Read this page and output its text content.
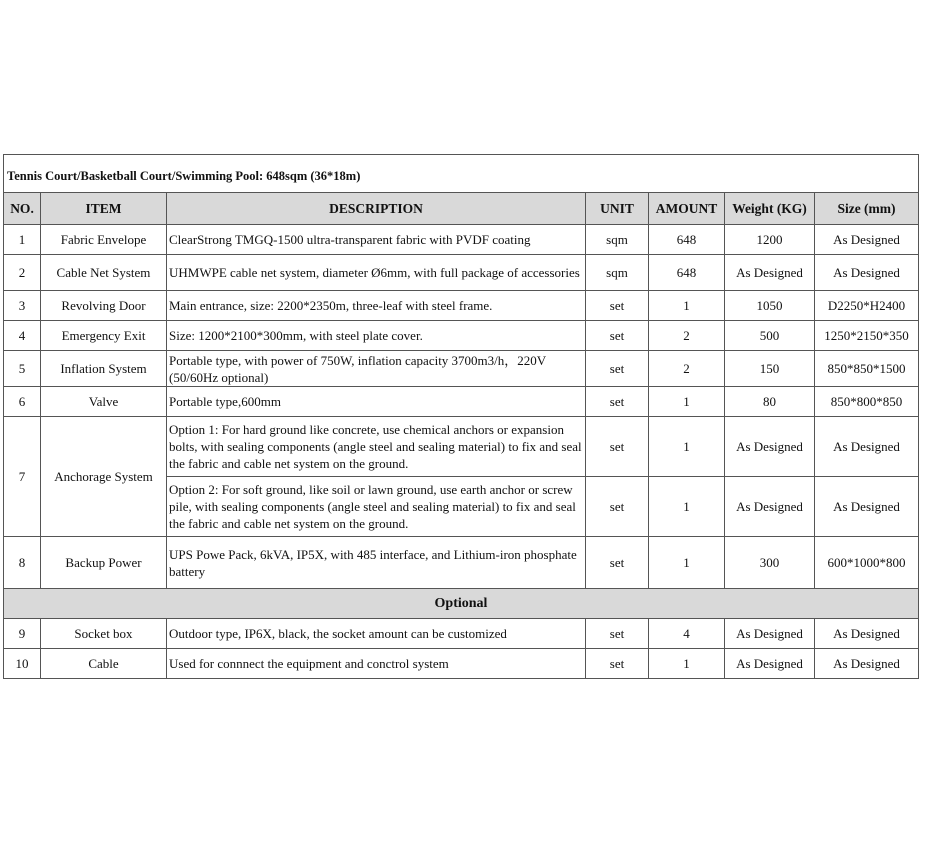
Tennis Court/Basketball Court/Swimming Pool: 648sqm (36*18m)						
NO.	ITEM	DESCRIPTION	UNIT	AMOUNT	Weight (KG)	Size (mm)
1	Fabric Envelope	ClearStrong TMGQ-1500 ultra-transparent fabric with PVDF coating	sqm	648	1200	As Designed
2	Cable Net System	UHMWPE cable net system, diameter Ø6mm, with full package of accessories	sqm	648	As Designed	As Designed
3	Revolving Door	Main entrance, size: 2200*2350m, three-leaf with steel frame.	set	1	1050	D2250*H2400
4	Emergency Exit	Size: 1200*2100*300mm, with steel plate cover.	set	2	500	1250*2150*350
5	Inflation System	Portable type, with power of 750W, inflation capacity 3700m3/h，220V (50/60Hz optional)	set	2	150	850*850*1500
6	Valve	Portable type,600mm	set	1	80	850*800*850
7	Anchorage System	Option 1: For hard ground like concrete, use chemical anchors or expansion bolts, with sealing components (angle steel and sealing material) to fix and seal the fabric and cable net system on the ground.	set	1	As Designed	As Designed
		Option 2: For soft ground, like soil or lawn ground, use earth anchor or screw pile, with sealing components (angle steel and sealing material) to fix and seal the fabric and cable net system on the ground.	set	1	As Designed	As Designed
8	Backup Power	UPS Powe Pack, 6kVA, IP5X, with 485 interface, and Lithium-iron phosphate battery	set	1	300	600*1000*800
Optional						
9	Socket box	Outdoor type, IP6X, black, the socket amount can be customized	set	4	As Designed	As Designed
10	Cable	Used for connnect the equipment and conctrol system	set	1	As Designed	As Designed
